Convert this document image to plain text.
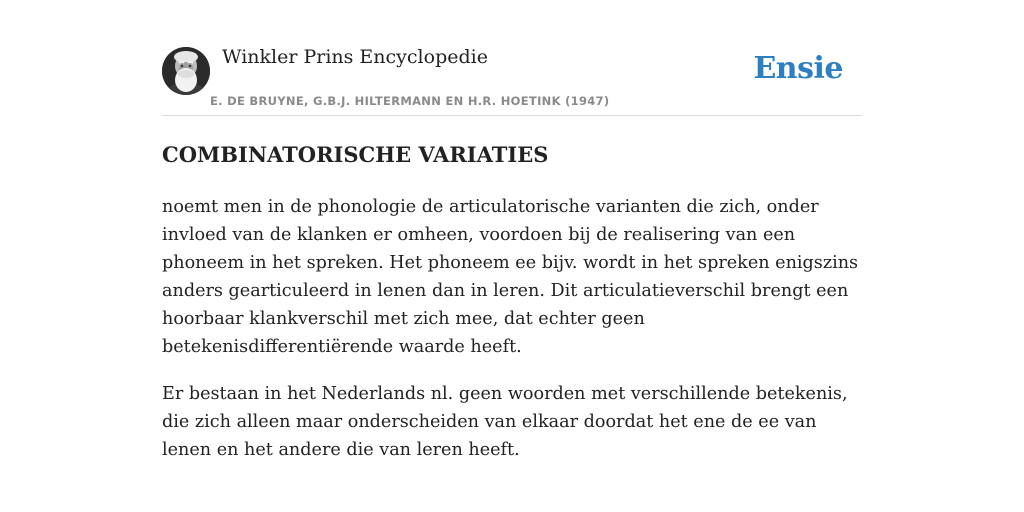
Winkler Prins Encyclopedie
E. DE BRUYNE, G.B.J. HILTERMANN EN H.R. HOETINK (1947)
Ensie
COMBINATORISCHE VARIATIES

noemt men in de phonologie de articulatorische varianten die zich, onder invloed van de klanken er omheen, voordoen bij de realisering van een phoneem in het spreken. Het phoneem ee bijv. wordt in het spreken enigszins anders gearticuleerd in lenen dan in leren. Dit articulatieverschil brengt een hoorbaar klankverschil met zich mee, dat echter geen betekenisdifferentiërende waarde heeft.

Er bestaan in het Nederlands nl. geen woorden met verschillende betekenis, die zich alleen maar onderscheiden van elkaar doordat het ene de ee van lenen en het andere die van leren heeft.
